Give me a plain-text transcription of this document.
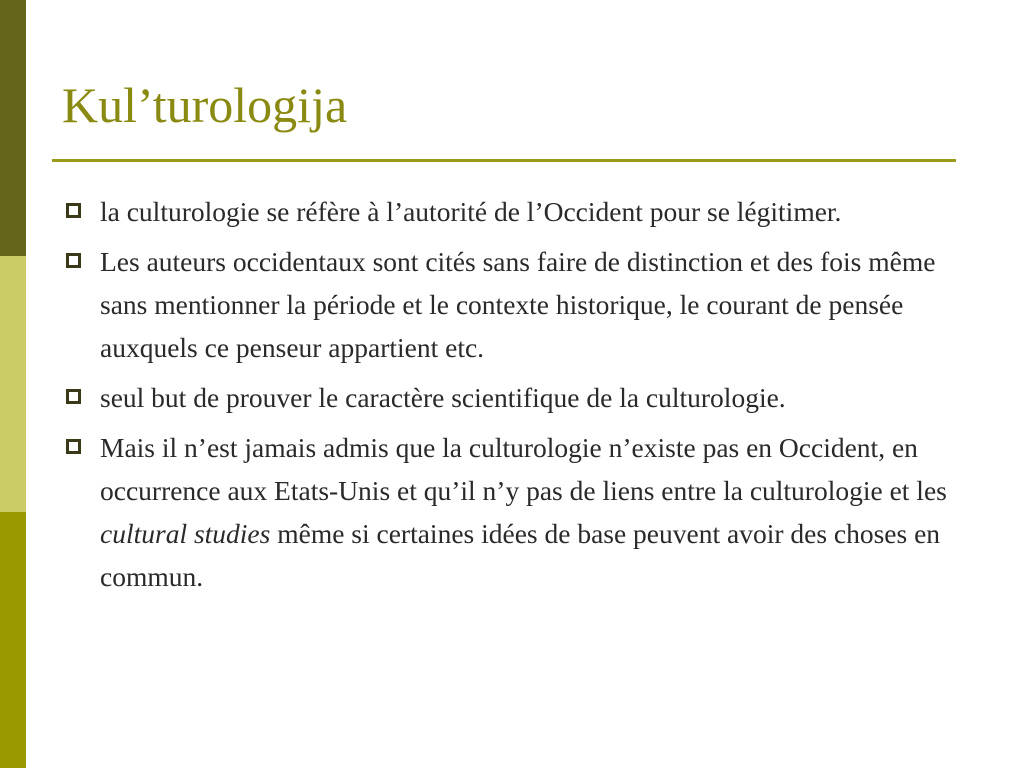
Kul’turologija
la culturologie se réfère à l’autorité de l’Occident pour se légitimer.
Les auteurs occidentaux sont cités sans faire de distinction et des fois même sans mentionner la période et le contexte historique, le courant de pensée auxquels ce penseur appartient etc.
seul but de prouver le caractère scientifique de la culturologie.
Mais il n’est jamais admis que la culturologie n’existe pas en Occident, en occurrence aux Etats-Unis et qu’il n’y pas de liens entre la culturologie et les cultural studies même si certaines idées de base peuvent avoir des choses en commun.
